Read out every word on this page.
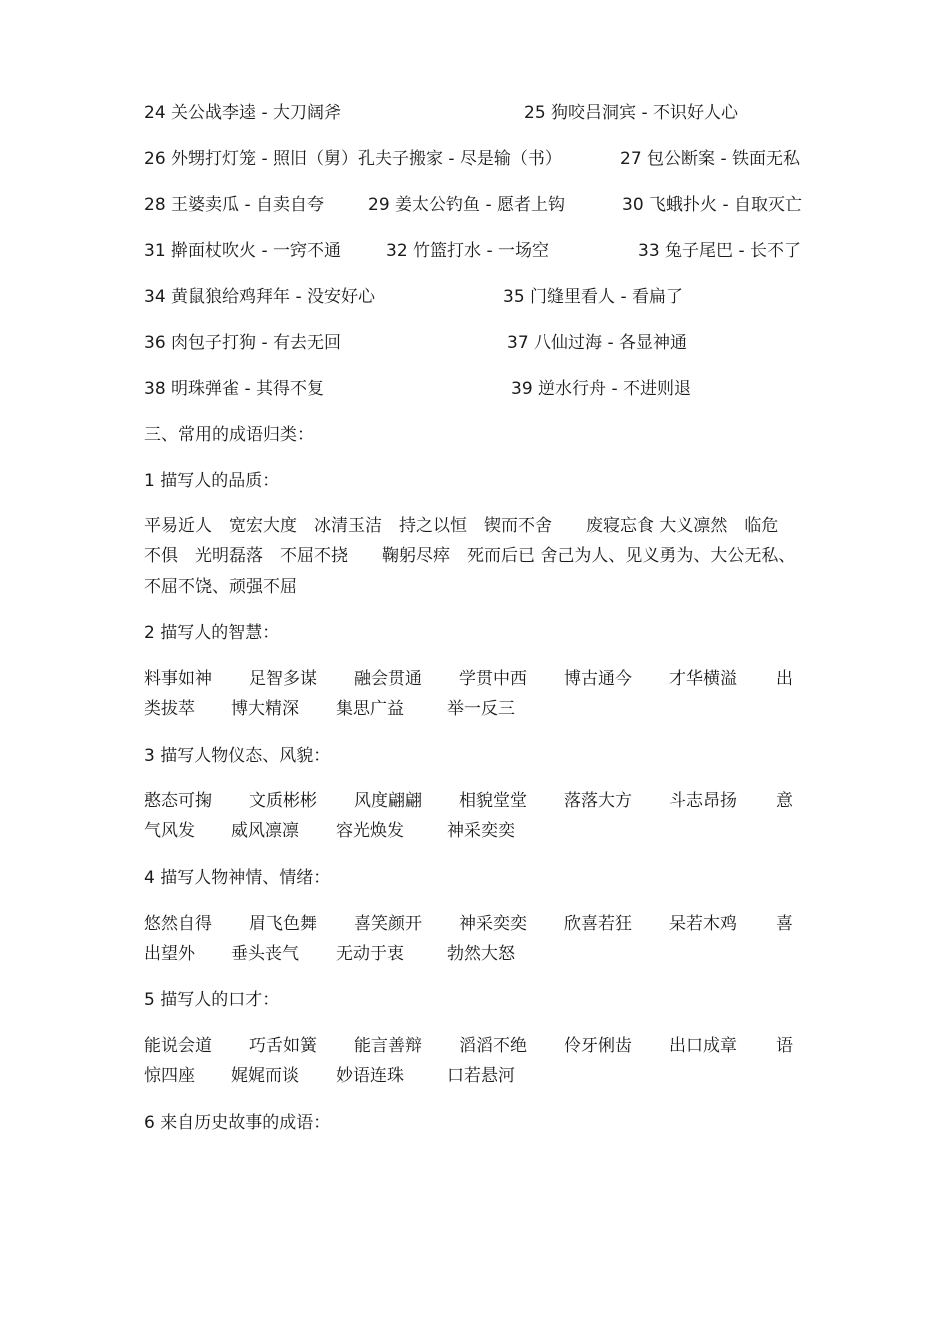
24 关公战李逵 - 大刀阔斧	25 狗咬吕洞宾 - 不识好人心
26 外甥打灯笼 - 照旧（舅）孔夫子搬家 - 尽是输（书）	27 包公断案 - 铁面无私
28 王婆卖瓜 - 自卖自夸	29 姜太公钓鱼 - 愿者上钩	30 飞蛾扑火 - 自取灭亡
31 擀面杖吹火 - 一窍不通	32 竹篮打水 - 一场空	33 兔子尾巴 - 长不了
34 黄鼠狼给鸡拜年 - 没安好心	35 门缝里看人 - 看扁了
36 肉包子打狗 - 有去无回	37 八仙过海 - 各显神通
38 明珠弹雀 - 其得不复	39 逆水行舟 - 不进则退
三、常用的成语归类：
1 描写人的品质：
平易近人　宽宏大度　冰清玉洁　持之以恒　锲而不舍　　废寝忘食 大义凛然　临危
不俱　光明磊落　不屈不挠　　鞠躬尽瘁　死而后已 舍己为人、见义勇为、大公无私、
不屈不饶、顽强不屈
2 描写人的智慧：
料事如神 足智多谋 融会贯通 学贯中西 博古通今 才华横溢 出
类拔萃 博大精深 集思广益	举一反三
3 描写人物仪态、风貌：
憨态可掬 文质彬彬 风度翩翩 相貌堂堂 落落大方 斗志昂扬 意
气风发 威风凛凛 容光焕发	神采奕奕
4 描写人物神情、情绪：
悠然自得 眉飞色舞 喜笑颜开 神采奕奕 欣喜若狂 呆若木鸡 喜
出望外 垂头丧气 无动于衷	勃然大怒
5 描写人的口才：
能说会道 巧舌如簧 能言善辩 滔滔不绝 伶牙俐齿 出口成章 语
惊四座 娓娓而谈 妙语连珠	口若悬河
6 来自历史故事的成语：
